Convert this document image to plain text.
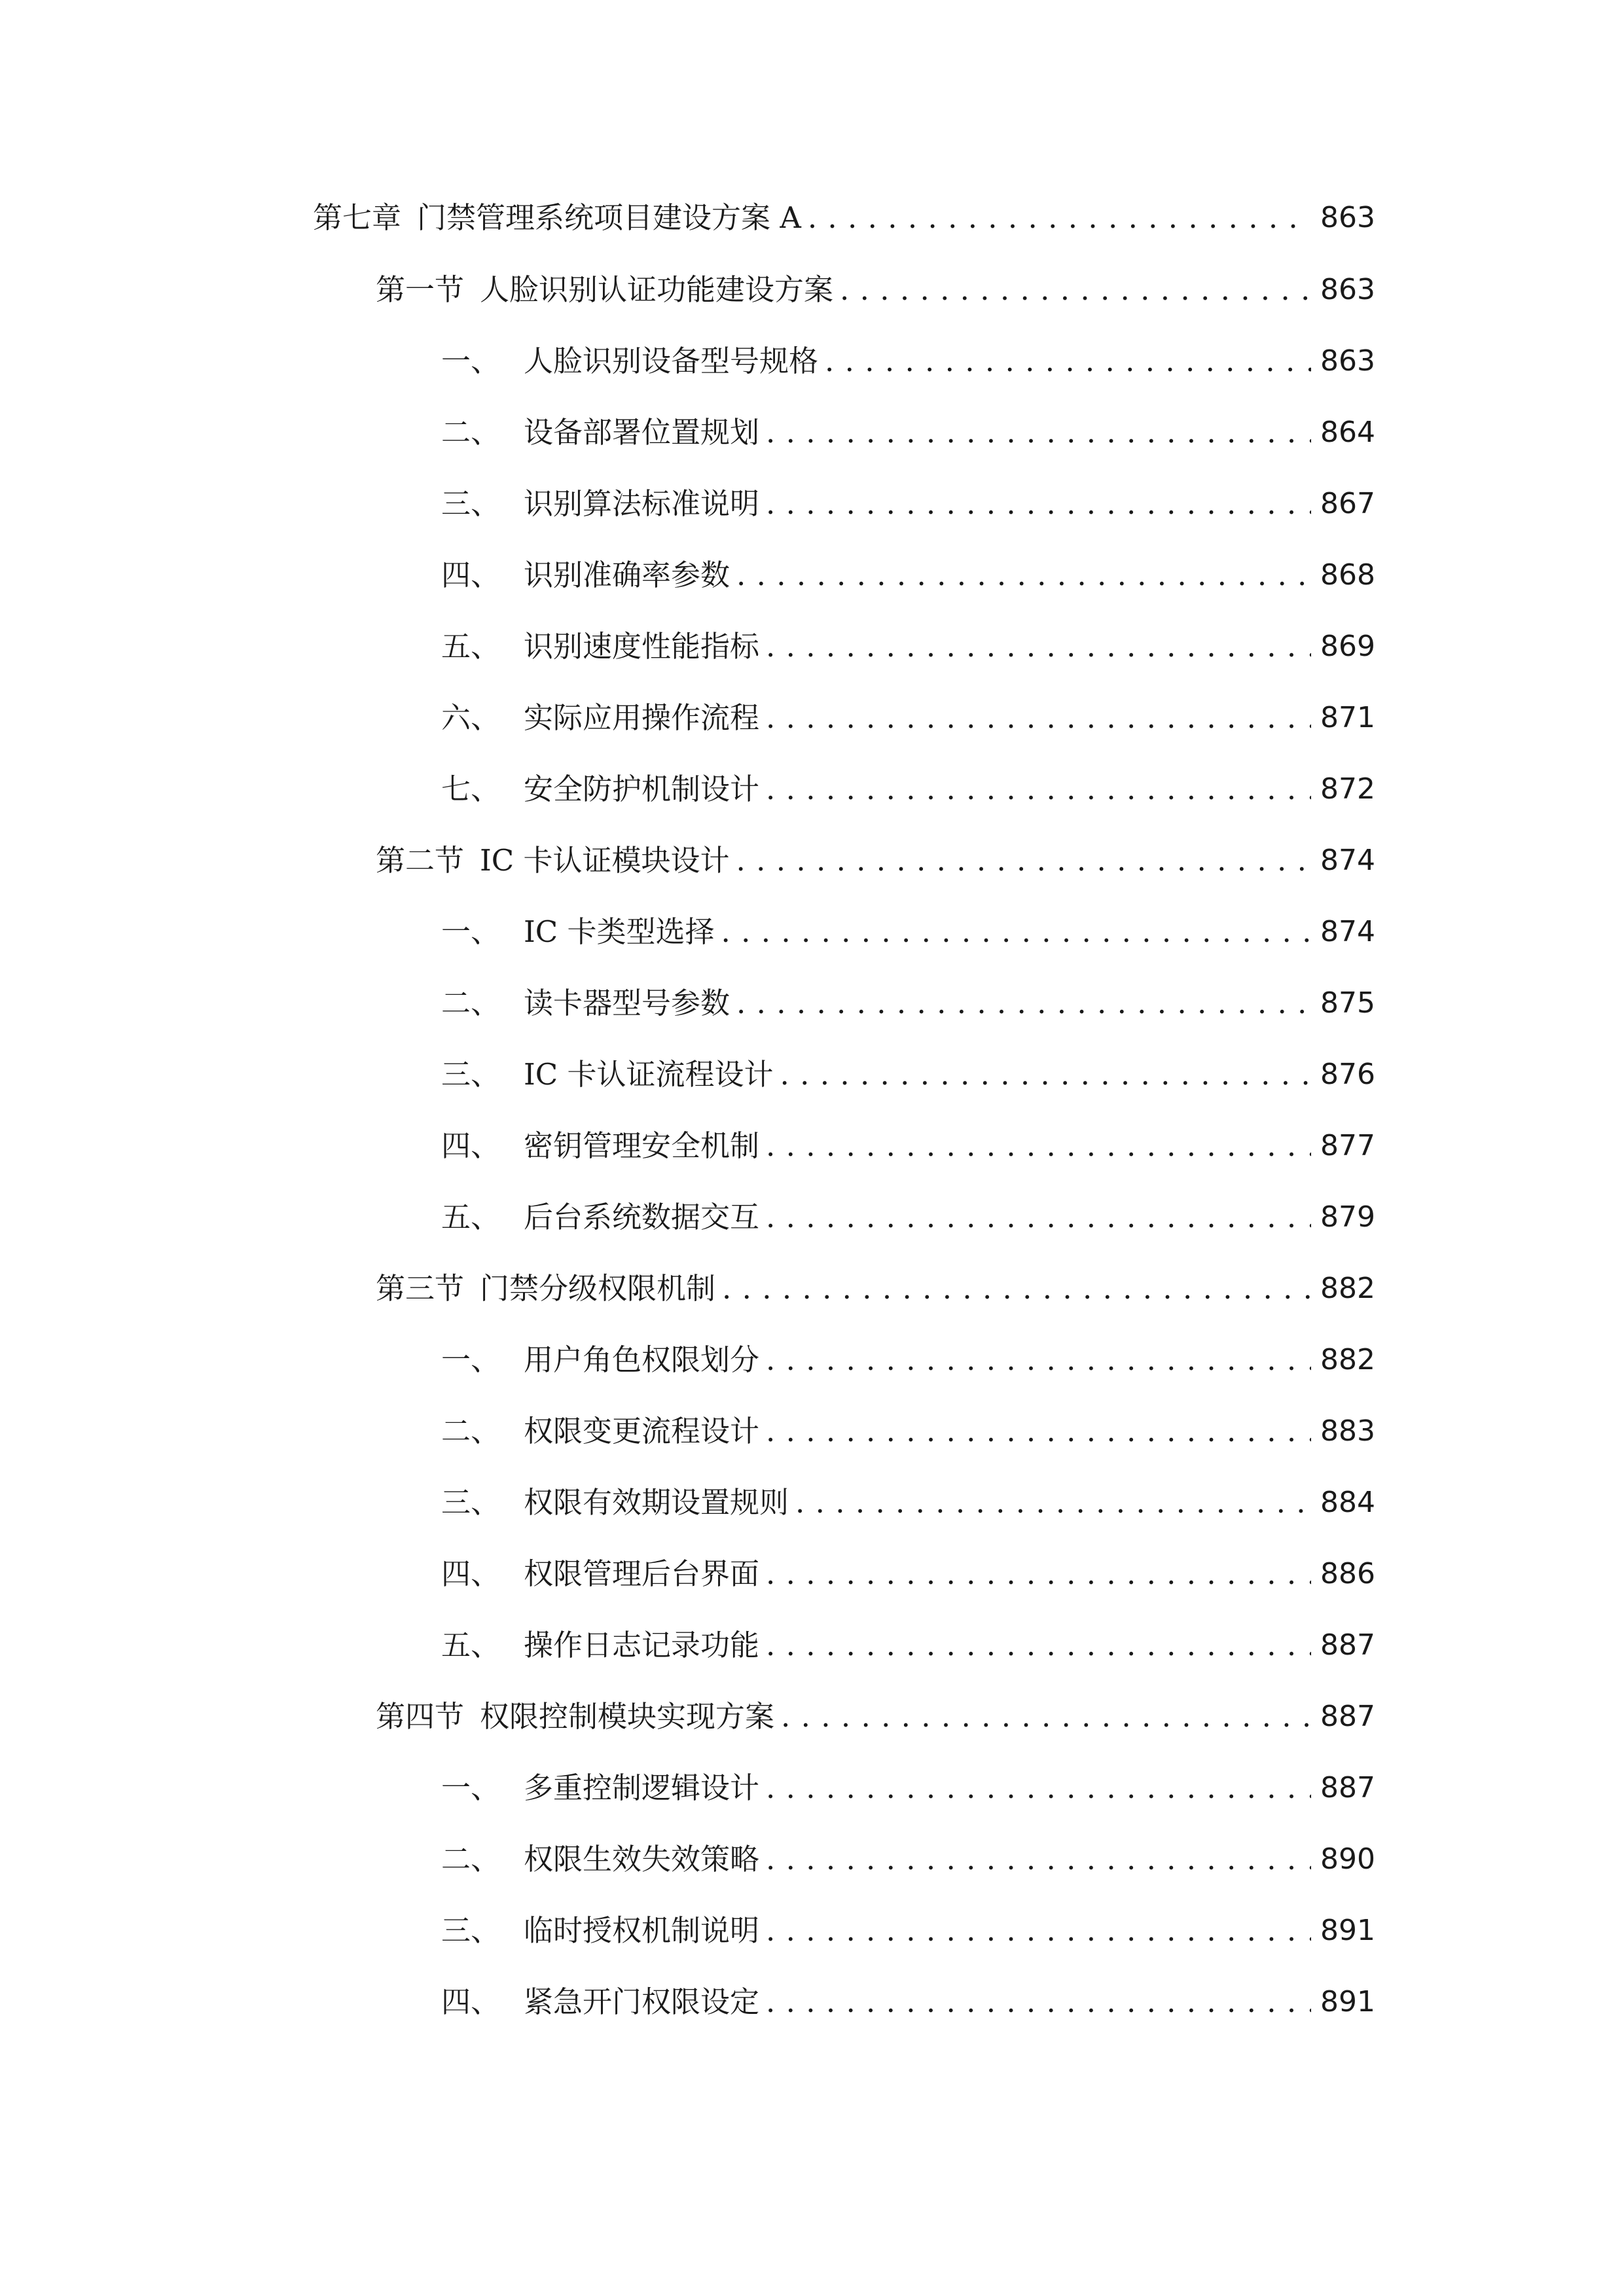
第七章 门禁管理系统项目建设方案 A . . .	863
第一节 人脸识别认证功能建设方案 . . .	863
一、 人脸识别设备型号规格 . . .	863
二、 设备部署位置规划 . . .	864
三、 识别算法标准说明 . . .	867
四、 识别准确率参数 . . .	868
五、 识别速度性能指标 . . .	869
六、 实际应用操作流程 . . .	871
七、 安全防护机制设计 . . .	872
第二节 IC 卡认证模块设计 . . .	874
一、 IC 卡类型选择 . . .	874
二、 读卡器型号参数 . . .	875
三、 IC 卡认证流程设计 . . .	876
四、 密钥管理安全机制 . . .	877
五、 后台系统数据交互 . . .	879
第三节 门禁分级权限机制 . . .	882
一、 用户角色权限划分 . . .	882
二、 权限变更流程设计 . . .	883
三、 权限有效期设置规则 . . .	884
四、 权限管理后台界面 . . .	886
五、 操作日志记录功能 . . .	887
第四节 权限控制模块实现方案 . . .	887
一、 多重控制逻辑设计 . . .	887
二、 权限生效失效策略 . . .	890
三、 临时授权机制说明 . . .	891
四、 紧急开门权限设定 . . .	891
